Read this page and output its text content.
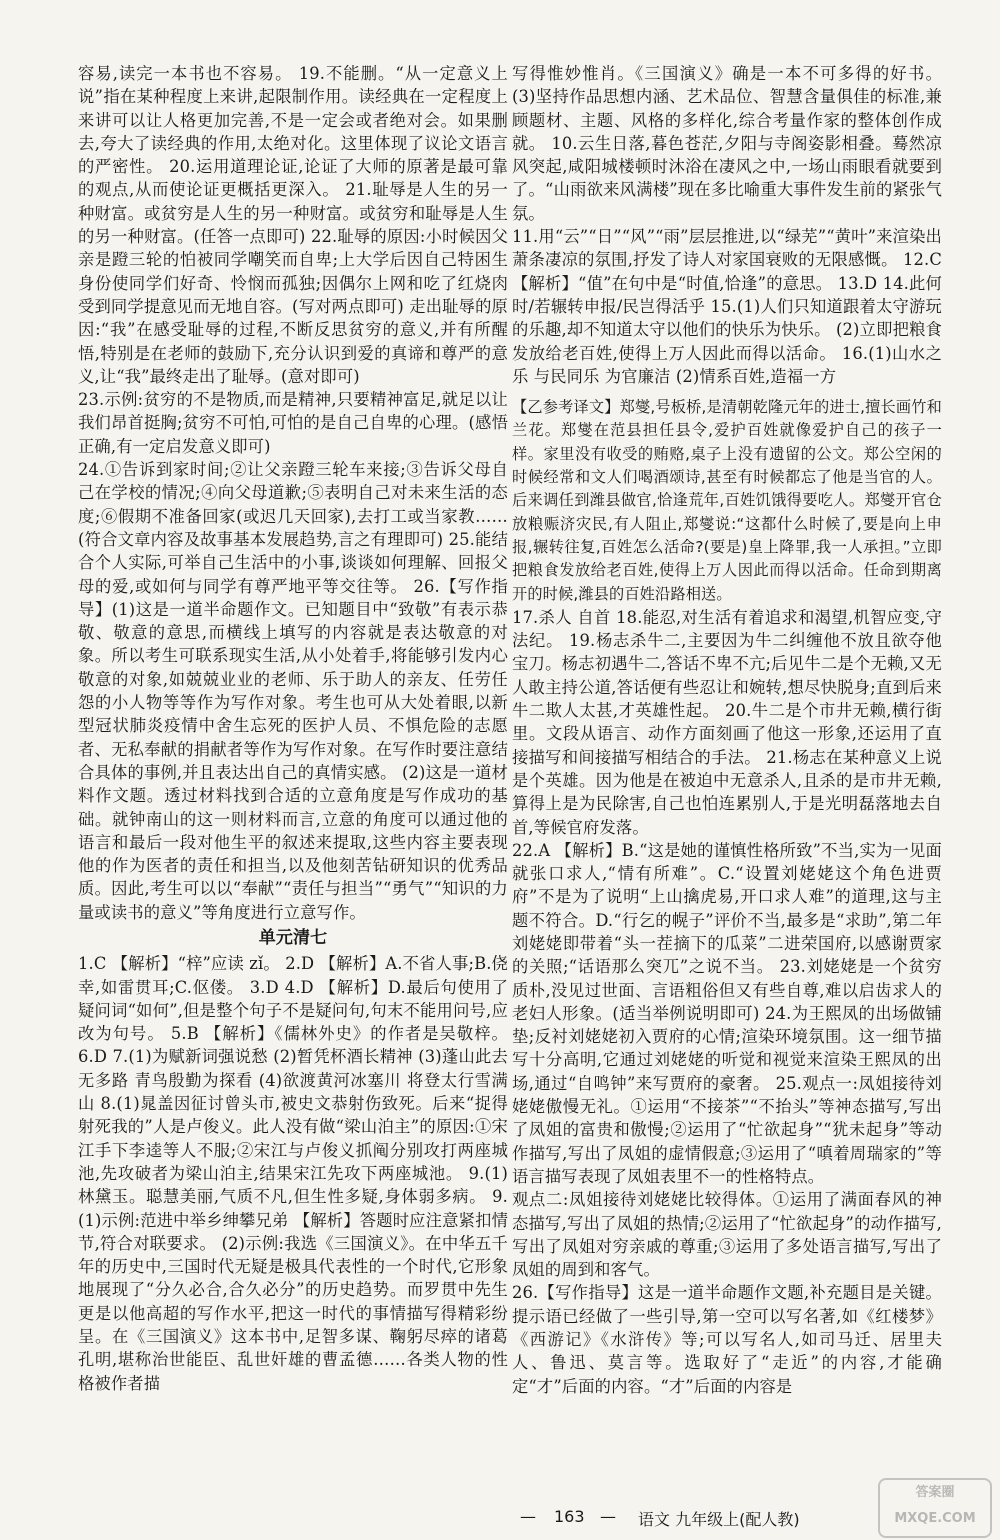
容易,读完一本书也不容易。 19.不能删。“从一定意义上说”指在某种程度上来讲,起限制作用。读经典在一定程度上来讲可以让人格更加完善,不是一定会或者绝对会。如果删去,夸大了读经典的作用,太绝对化。这里体现了议论文语言的严密性。 20.运用道理论证,论证了大师的原著是最可靠的观点,从而使论证更概括更深入。 21.耻辱是人生的另一种财富。或贫穷是人生的另一种财富。或贫穷和耻辱是人生的另一种财富。(任答一点即可) 22.耻辱的原因:小时候因父亲是蹬三轮的怕被同学嘲笑而自卑;上大学后因自己特困生身份使同学们好奇、怜悯而孤独;因偶尔上网和吃了红烧肉受到同学提意见而无地自容。(写对两点即可) 走出耻辱的原因:“我”在感受耻辱的过程,不断反思贫穷的意义,并有所醒悟,特别是在老师的鼓励下,充分认识到爱的真谛和尊严的意义,让“我”最终走出了耻辱。(意对即可)

23.示例:贫穷的不是物质,而是精神,只要精神富足,就足以让我们昂首挺胸;贫穷不可怕,可怕的是自己自卑的心理。(感悟正确,有一定启发意义即可)

24.①告诉到家时间;②让父亲蹬三轮车来接;③告诉父母自己在学校的情况;④向父母道歉;⑤表明自己对未来生活的态度;⑥假期不准备回家(或迟几天回家),去打工或当家教……(符合文章内容及故事基本发展趋势,言之有理即可) 25.能结合个人实际,可举自己生活中的小事,谈谈如何理解、回报父母的爱,或如何与同学有尊严地平等交往等。 26.【写作指导】(1)这是一道半命题作文。已知题目中“致敬”有表示恭敬、敬意的意思,而横线上填写的内容就是表达敬意的对象。所以考生可联系现实生活,从小处着手,将能够引发内心敬意的对象,如兢兢业业的老师、乐于助人的亲友、任劳任怨的小人物等等作为写作对象。考生也可从大处着眼,以新型冠状肺炎疫情中舍生忘死的医护人员、不惧危险的志愿者、无私奉献的捐献者等作为写作对象。在写作时要注意结合具体的事例,并且表达出自己的真情实感。 (2)这是一道材料作文题。透过材料找到合适的立意角度是写作成功的基础。就钟南山的这一则材料而言,立意的角度可以通过他的语言和最后一段对他生平的叙述来提取,这些内容主要表现他的作为医者的责任和担当,以及他刻苦钻研知识的优秀品质。因此,考生可以以“奉献”“责任与担当”“勇气”“知识的力量或读书的意义”等角度进行立意写作。

单元清七

1.C 【解析】“梓”应读 zǐ。 2.D 【解析】A.不省人事;B.侥幸,如雷贯耳;C.伛偻。 3.D 4.D 【解析】D.最后句使用了疑问词“如何”,但是整个句子不是疑问句,句末不能用问号,应改为句号。 5.B 【解析】《儒林外史》的作者是吴敬梓。 6.D 7.(1)为赋新词强说愁 (2)暂凭杯酒长精神 (3)蓬山此去无多路 青鸟殷勤为探看 (4)欲渡黄河冰塞川 将登太行雪满山 8.(1)晁盖因征讨曾头市,被史文恭射伤致死。后来“捉得射死我的”人是卢俊义。此人没有做“梁山泊主”的原因:①宋江手下李逵等人不服;②宋江与卢俊义抓阄分别攻打两座城池,先攻破者为梁山泊主,结果宋江先攻下两座城池。 9.(1)林黛玉。聪慧美丽,气质不凡,但生性多疑,身体弱多病。 9.(1)示例:范进中举乡绅攀兄弟 【解析】答题时应注意紧扣情节,符合对联要求。 (2)示例:我选《三国演义》。在中华五千年的历史中,三国时代无疑是极具代表性的一个时代,它形象地展现了“分久必合,合久必分”的历史趋势。而罗贯中先生更是以他高超的写作水平,把这一时代的事情描写得精彩纷呈。在《三国演义》这本书中,足智多谋、鞠躬尽瘁的诸葛孔明,堪称治世能臣、乱世奸雄的曹孟德……各类人物的性格被作者描

写得惟妙惟肖。《三国演义》确是一本不可多得的好书。 (3)坚持作品思想内涵、艺术品位、智慧含量俱佳的标准,兼顾题材、主题、风格的多样化,综合考量作家的整体创作成就。 10.云生日落,暮色苍茫,夕阳与寺阁姿影相叠。蓦然凉风突起,咸阳城楼顿时沐浴在凄风之中,一场山雨眼看就要到了。“山雨欲来风满楼”现在多比喻重大事件发生前的紧张气氛。

11.用“云”“日”“风”“雨”层层推进,以“绿芜”“黄叶”来渲染出萧条凄凉的氛围,抒发了诗人对家国衰败的无限感慨。 12.C 【解析】“值”在句中是“时值,恰逢”的意思。 13.D 14.此何时/若辗转申报/民岂得活乎 15.(1)人们只知道跟着太守游玩的乐趣,却不知道太守以他们的快乐为快乐。 (2)立即把粮食发放给老百姓,使得上万人因此而得以活命。 16.(1)山水之乐 与民同乐 为官廉洁 (2)情系百姓,造福一方

【乙参考译文】郑燮,号板桥,是清朝乾隆元年的进士,擅长画竹和兰花。郑燮在范县担任县令,爱护百姓就像爱护自己的孩子一样。家里没有收受的贿赂,桌子上没有遗留的公文。郑公空闲的时候经常和文人们喝酒颂诗,甚至有时候都忘了他是当官的人。后来调任到潍县做官,恰逢荒年,百姓饥饿得要吃人。郑燮开官仓放粮赈济灾民,有人阻止,郑燮说:“这都什么时候了,要是向上申报,辗转往复,百姓怎么活命?(要是)皇上降罪,我一人承担。”立即把粮食发放给老百姓,使得上万人因此而得以活命。任命到期离开的时候,潍县的百姓沿路相送。

17.杀人 自首 18.能忍,对生活有着追求和渴望,机智应变,守法纪。 19.杨志杀牛二,主要因为牛二纠缠他不放且欲夺他宝刀。杨志初遇牛二,答话不卑不亢;后见牛二是个无赖,又无人敢主持公道,答话便有些忍让和婉转,想尽快脱身;直到后来牛二欺人太甚,才英雄性起。 20.牛二是个市井无赖,横行街里。文段从语言、动作方面刻画了他这一形象,还运用了直接描写和间接描写相结合的手法。 21.杨志在某种意义上说是个英雄。因为他是在被迫中无意杀人,且杀的是市井无赖,算得上是为民除害,自己也怕连累别人,于是光明磊落地去自首,等候官府发落。

22.A 【解析】B.“这是她的谨慎性格所致”不当,实为一见面就张口求人,“情有所难”。C.“设置刘姥姥这个角色进贾府”不是为了说明“上山擒虎易,开口求人难”的道理,这与主题不符合。D.“行乞的幌子”评价不当,最多是“求助”,第二年刘姥姥即带着“头一茬摘下的瓜菜”二进荣国府,以感谢贾家的关照;“话语那么突兀”之说不当。 23.刘姥姥是一个贫穷质朴,没见过世面、言语粗俗但又有些自尊,难以启齿求人的老妇人形象。(适当举例说明即可) 24.为王熙凤的出场做铺垫;反衬刘姥姥初入贾府的心情;渲染环境氛围。这一细节描写十分高明,它通过刘姥姥的听觉和视觉来渲染王熙凤的出场,通过“自鸣钟”来写贾府的豪奢。 25.观点一:凤姐接待刘姥姥傲慢无礼。①运用“不接茶”“不抬头”等神态描写,写出了凤姐的富贵和傲慢;②运用了“忙欲起身”“犹未起身”等动作描写,写出了凤姐的虚情假意;③运用了“嗔着周瑞家的”等语言描写表现了凤姐表里不一的性格特点。

观点二:凤姐接待刘姥姥比较得体。①运用了满面春风的神态描写,写出了凤姐的热情;②运用了“忙欲起身”的动作描写,写出了凤姐对穷亲戚的尊重;③运用了多处语言描写,写出了凤姐的周到和客气。

26.【写作指导】这是一道半命题作文题,补充题目是关键。提示语已经做了一些引导,第一空可以写名著,如《红楼梦》《西游记》《水浒传》等;可以写名人,如司马迁、居里夫人、鲁迅、莫言等。选取好了“走近”的内容,才能确定“才”后面的内容。“才”后面的内容是

— 163 — 语文 九年级上(配人教)
答案圈
MXQE.COM
